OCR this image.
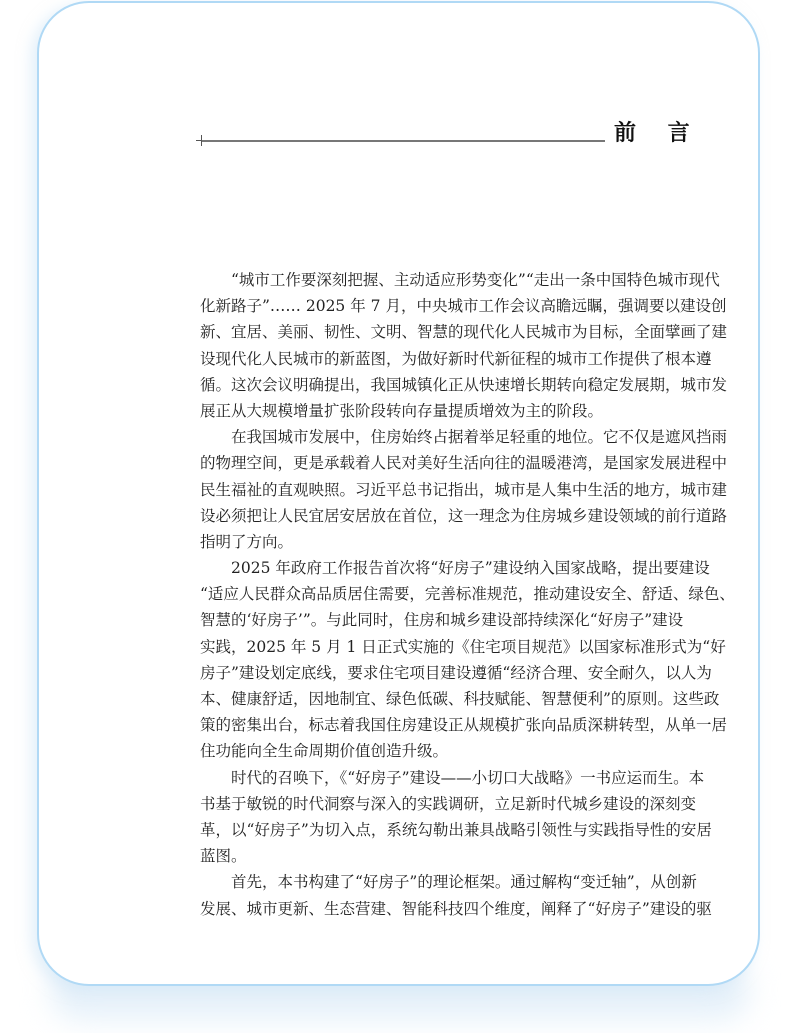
前 言
“城市工作要深刻把握、主动适应形势变化”“走出一条中国特色城市现代
化新路子”…… 2025 年 7 月，中央城市工作会议高瞻远瞩，强调要以建设创
新、宜居、美丽、韧性、文明、智慧的现代化人民城市为目标，全面擘画了建
设现代化人民城市的新蓝图，为做好新时代新征程的城市工作提供了根本遵
循。这次会议明确提出，我国城镇化正从快速增长期转向稳定发展期，城市发
展正从大规模增量扩张阶段转向存量提质增效为主的阶段。
在我国城市发展中，住房始终占据着举足轻重的地位。它不仅是遮风挡雨
的物理空间，更是承载着人民对美好生活向往的温暖港湾，是国家发展进程中
民生福祉的直观映照。习近平总书记指出，城市是人集中生活的地方，城市建
设必须把让人民宜居安居放在首位，这一理念为住房城乡建设领域的前行道路
指明了方向。
2025 年政府工作报告首次将“好房子”建设纳入国家战略，提出要建设
“适应人民群众高品质居住需要，完善标准规范，推动建设安全、舒适、绿色、
智慧的‘好房子’”。与此同时，住房和城乡建设部持续深化“好房子”建设
实践，2025 年 5 月 1 日正式实施的《住宅项目规范》以国家标准形式为“好
房子”建设划定底线，要求住宅项目建设遵循“经济合理、安全耐久，以人为
本、健康舒适，因地制宜、绿色低碳、科技赋能、智慧便利”的原则。这些政
策的密集出台，标志着我国住房建设正从规模扩张向品质深耕转型，从单一居
住功能向全生命周期价值创造升级。
时代的召唤下，《“好房子”建设——小切口大战略》一书应运而生。本
书基于敏锐的时代洞察与深入的实践调研，立足新时代城乡建设的深刻变
革，以“好房子”为切入点，系统勾勒出兼具战略引领性与实践指导性的安居
蓝图。
首先，本书构建了“好房子”的理论框架。通过解构“变迁轴”，从创新
发展、城市更新、生态营建、智能科技四个维度，阐释了“好房子”建设的驱
